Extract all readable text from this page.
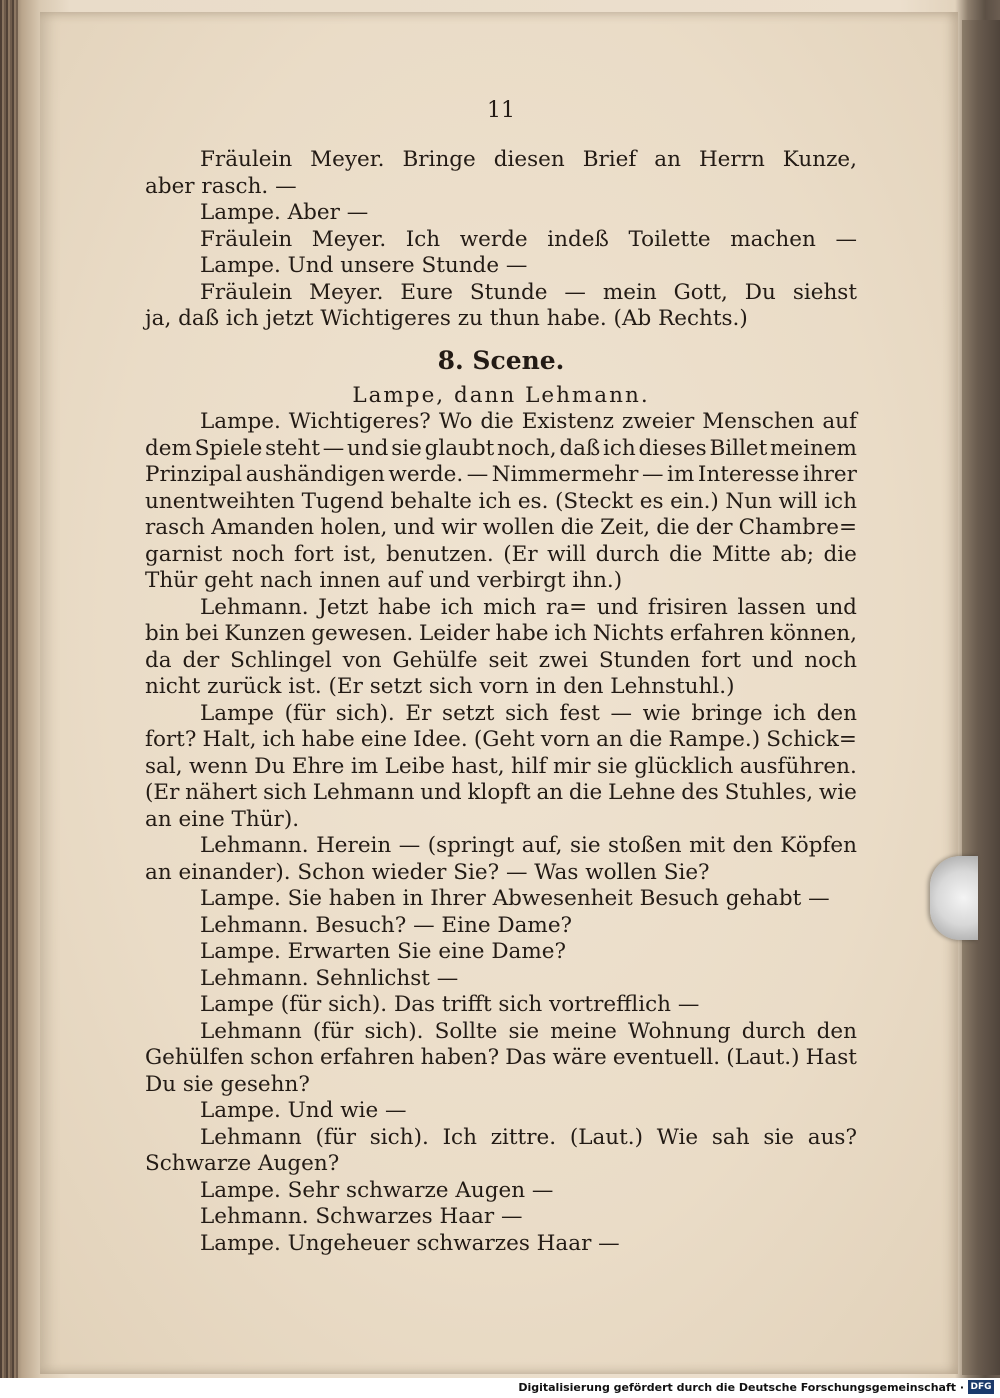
11
Fräulein Meyer. Bringe diesen Brief an Herrn Kunze,
aber rasch. —
Lampe. Aber —
Fräulein Meyer. Ich werde indeß Toilette machen —
Lampe. Und unsere Stunde —
Fräulein Meyer. Eure Stunde — mein Gott, Du siehst
ja, daß ich jetzt Wichtigeres zu thun habe. (Ab Rechts.)
8. Scene.
Lampe, dann Lehmann.
Lampe. Wichtigeres? Wo die Existenz zweier Menschen auf
dem Spiele steht — und sie glaubt noch, daß ich dieses Billet meinem
Prinzipal aushändigen werde. — Nimmermehr — im Interesse ihrer
unentweihten Tugend behalte ich es. (Steckt es ein.) Nun will ich
rasch Amanden holen, und wir wollen die Zeit, die der Chambre=
garnist noch fort ist, benutzen. (Er will durch die Mitte ab; die
Thür geht nach innen auf und verbirgt ihn.)
Lehmann. Jetzt habe ich mich ra= und frisiren lassen und
bin bei Kunzen gewesen. Leider habe ich Nichts erfahren können,
da der Schlingel von Gehülfe seit zwei Stunden fort und noch
nicht zurück ist. (Er setzt sich vorn in den Lehnstuhl.)
Lampe (für sich). Er setzt sich fest — wie bringe ich den
fort? Halt, ich habe eine Idee. (Geht vorn an die Rampe.) Schick=
sal, wenn Du Ehre im Leibe hast, hilf mir sie glücklich ausführen.
(Er nähert sich Lehmann und klopft an die Lehne des Stuhles, wie
an eine Thür).
Lehmann. Herein — (springt auf, sie stoßen mit den Köpfen
an einander). Schon wieder Sie? — Was wollen Sie?
Lampe. Sie haben in Ihrer Abwesenheit Besuch gehabt —
Lehmann. Besuch? — Eine Dame?
Lampe. Erwarten Sie eine Dame?
Lehmann. Sehnlichst —
Lampe (für sich). Das trifft sich vortrefflich —
Lehmann (für sich). Sollte sie meine Wohnung durch den
Gehülfen schon erfahren haben? Das wäre eventuell. (Laut.) Hast
Du sie gesehn?
Lampe. Und wie —
Lehmann (für sich). Ich zittre. (Laut.) Wie sah sie aus?
Schwarze Augen?
Lampe. Sehr schwarze Augen —
Lehmann. Schwarzes Haar —
Lampe. Ungeheuer schwarzes Haar —
Digitalisierung gefördert durch die Deutsche Forschungsgemeinschaft · DFG
